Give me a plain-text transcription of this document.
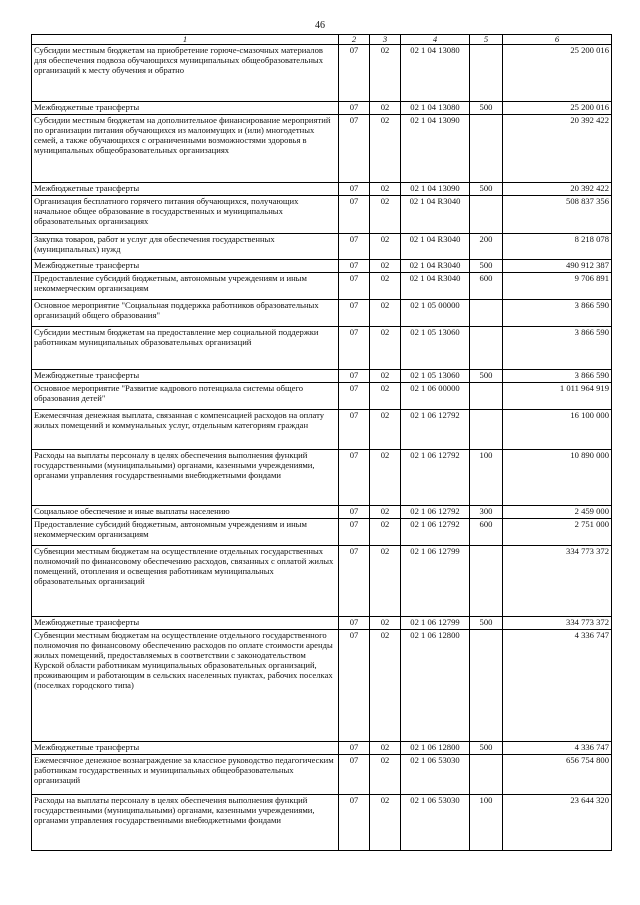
46
1	2	3	4	5	6
Субсидии местным бюджетам на приобретение горюче-смазочных материалов для обеспечения подвоза обучающихся муниципальных общеобразовательных организаций к месту обучения и обратно	07	02	02 1 04 13080		25 200 016
Межбюджетные трансферты	07	02	02 1 04 13080	500	25 200 016
Субсидии местным бюджетам на дополнительное финансирование мероприятий по организации питания обучающихся из малоимущих и (или) многодетных семей, а также обучающихся с ограниченными возможностями здоровья в муниципальных общеобразовательных организациях	07	02	02 1 04 13090		20 392 422
Межбюджетные трансферты	07	02	02 1 04 13090	500	20 392 422
Организация бесплатного горячего питания обучающихся, получающих начальное общее образование в государственных и муниципальных образовательных организациях	07	02	02 1 04 R3040		508 837 356
Закупка товаров, работ и услуг для обеспечения государственных (муниципальных) нужд	07	02	02 1 04 R3040	200	8 218 078
Межбюджетные трансферты	07	02	02 1 04 R3040	500	490 912 387
Предоставление субсидий бюджетным, автономным учреждениям и иным некоммерческим организациям	07	02	02 1 04 R3040	600	9 706 891
Основное мероприятие "Социальная поддержка работников образовательных организаций общего образования"	07	02	02 1 05 00000		3 866 590
Субсидии местным бюджетам на предоставление мер социальной поддержки работникам муниципальных образовательных организаций	07	02	02 1 05 13060		3 866 590
Межбюджетные трансферты	07	02	02 1 05 13060	500	3 866 590
Основное мероприятие "Развитие кадрового потенциала системы общего образования детей"	07	02	02 1 06 00000		1 011 964 919
Ежемесячная денежная выплата, связанная с компенсацией расходов на оплату жилых помещений и коммунальных услуг, отдельным категориям граждан	07	02	02 1 06 12792		16 100 000
Расходы на выплаты персоналу в целях обеспечения выполнения функций государственными (муниципальными) органами, казенными учреждениями, органами управления государственными внебюджетными фондами	07	02	02 1 06 12792	100	10 890 000
Социальное обеспечение и иные выплаты населению	07	02	02 1 06 12792	300	2 459 000
Предоставление субсидий бюджетным, автономным учреждениям и иным некоммерческим организациям	07	02	02 1 06 12792	600	2 751 000
Субвенции местным бюджетам на осуществление отдельных государственных полномочий по финансовому обеспечению расходов, связанных с оплатой жилых помещений, отопления и освещения работникам муниципальных образовательных организаций	07	02	02 1 06 12799		334 773 372
Межбюджетные трансферты	07	02	02 1 06 12799	500	334 773 372
Субвенции местным бюджетам на осуществление отдельного государственного полномочия по финансовому обеспечению расходов по оплате стоимости аренды жилых помещений, предоставляемых в соответствии с законодательством Курской области работникам муниципальных образовательных организаций, проживающим и работающим в сельских населенных пунктах, рабочих поселках (поселках городского типа)	07	02	02 1 06 12800		4 336 747
Межбюджетные трансферты	07	02	02 1 06 12800	500	4 336 747
Ежемесячное денежное вознаграждение за классное руководство педагогическим работникам государственных и муниципальных общеобразовательных организаций	07	02	02 1 06 53030		656 754 800
Расходы на выплаты персоналу в целях обеспечения выполнения функций государственными (муниципальными) органами, казенными учреждениями, органами управления государственными внебюджетными фондами	07	02	02 1 06 53030	100	23 644 320
